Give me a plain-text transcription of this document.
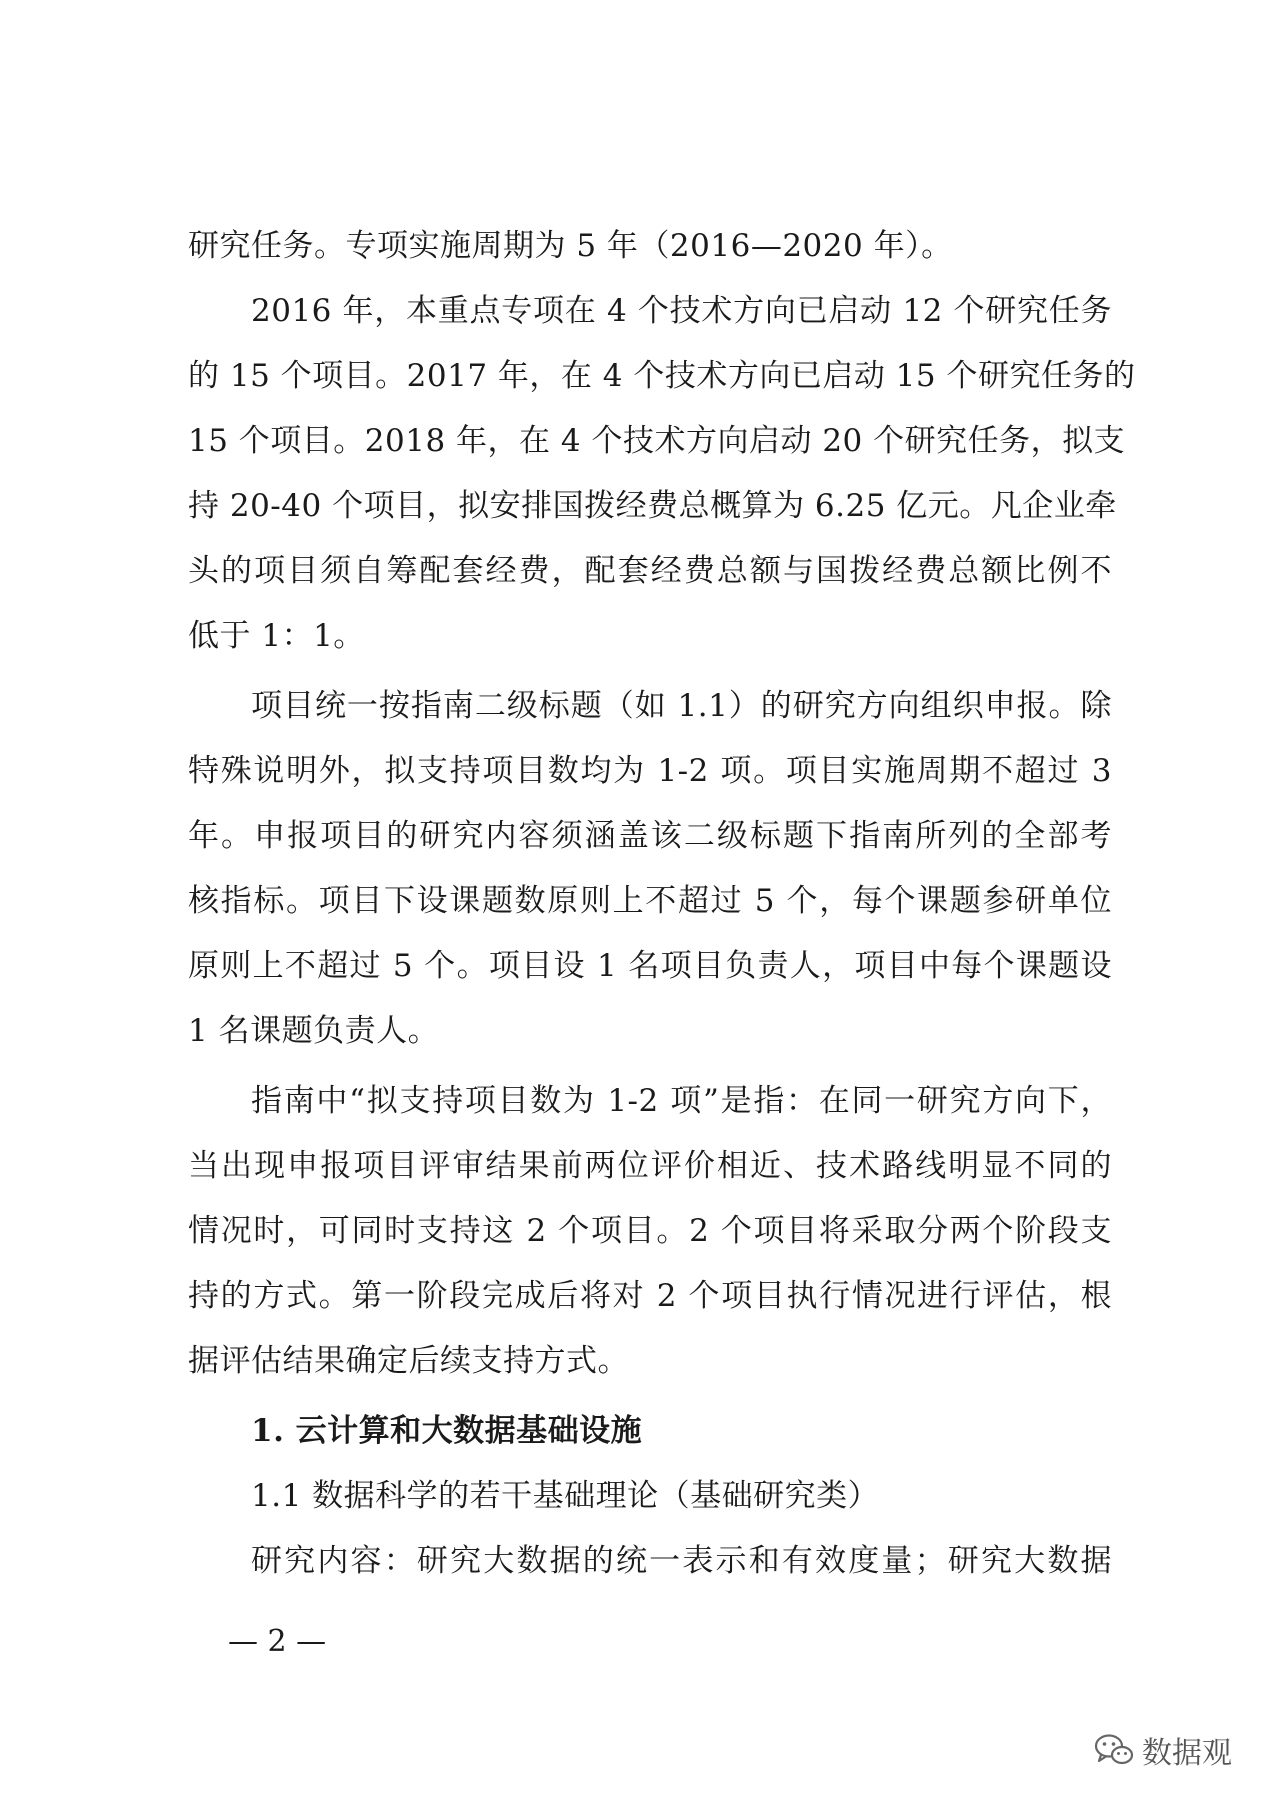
研究任务。专项实施周期为 5 年（2016—2020 年）。
2016 年，本重点专项在 4 个技术方向已启动 12 个研究任务
的 15 个项目。2017 年，在 4 个技术方向已启动 15 个研究任务的
15 个项目。2018 年，在 4 个技术方向启动 20 个研究任务，拟支
持 20-40 个项目，拟安排国拨经费总概算为 6.25 亿元。凡企业牵
头的项目须自筹配套经费，配套经费总额与国拨经费总额比例不
低于 1：1。
项目统一按指南二级标题（如 1.1）的研究方向组织申报。除
特殊说明外，拟支持项目数均为 1-2 项。项目实施周期不超过 3
年。申报项目的研究内容须涵盖该二级标题下指南所列的全部考
核指标。项目下设课题数原则上不超过 5 个，每个课题参研单位
原则上不超过 5 个。项目设 1 名项目负责人，项目中每个课题设
1 名课题负责人。
指南中“拟支持项目数为 1-2 项”是指：在同一研究方向下，
当出现申报项目评审结果前两位评价相近、技术路线明显不同的
情况时，可同时支持这 2 个项目。2 个项目将采取分两个阶段支
持的方式。第一阶段完成后将对 2 个项目执行情况进行评估，根
据评估结果确定后续支持方式。
1. 云计算和大数据基础设施
1.1 数据科学的若干基础理论（基础研究类）
研究内容：研究大数据的统一表示和有效度量；研究大数据
— 2 —
数据观
